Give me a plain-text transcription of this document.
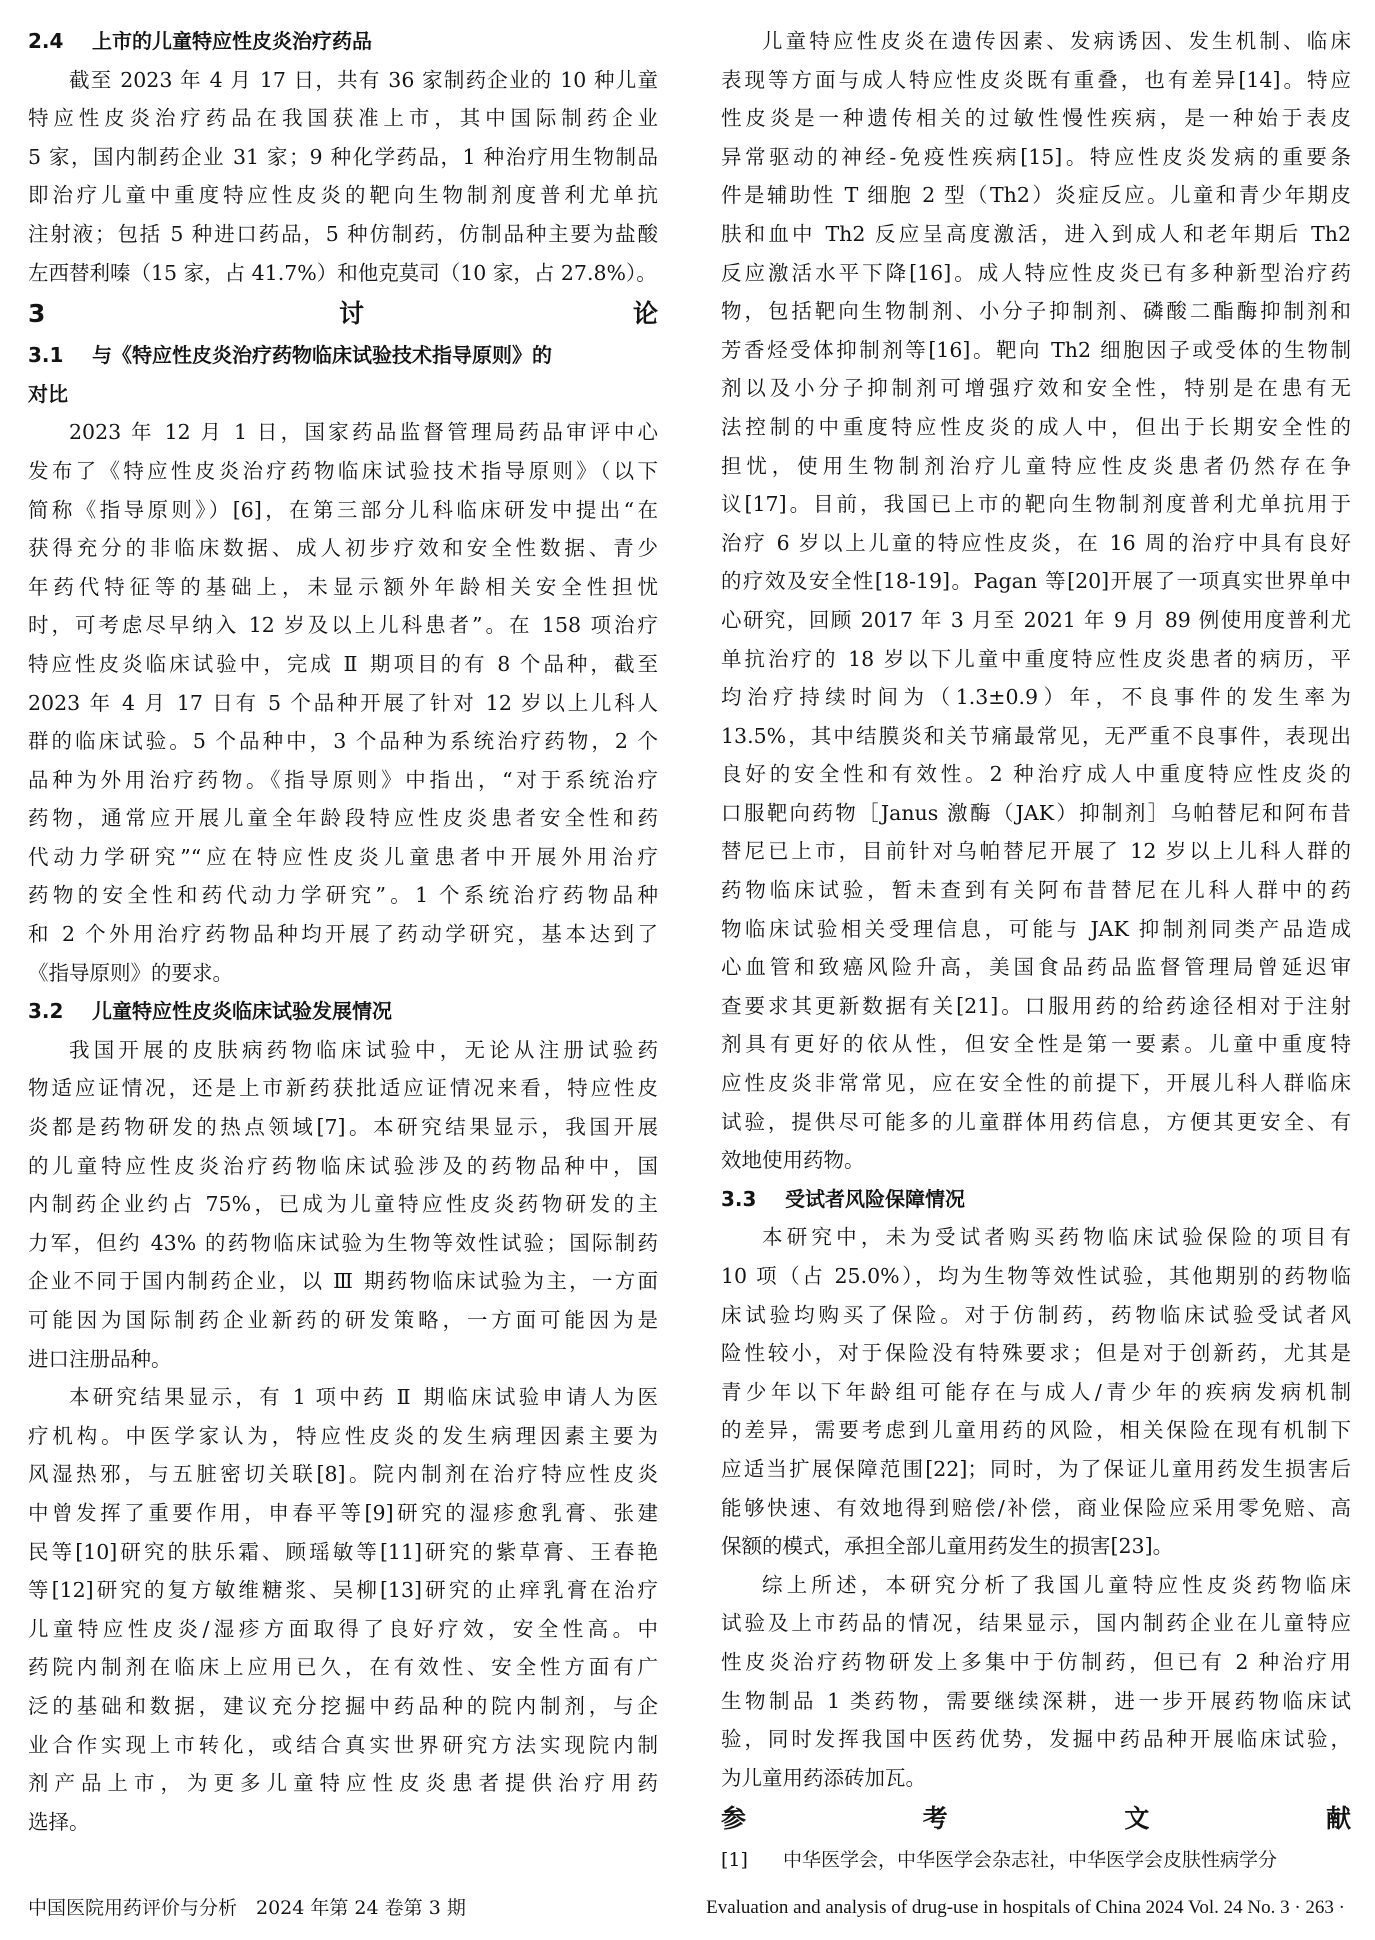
2.4 上市的儿童特应性皮炎治疗药品
截至 2023 年 4 月 17 日，共有 36 家制药企业的 10 种儿童
特应性皮炎治疗药品在我国获准上市，其中国际制药企业
5 家，国内制药企业 31 家；9 种化学药品，1 种治疗用生物制品
即治疗儿童中重度特应性皮炎的靶向生物制剂度普利尤单抗
注射液；包括 5 种进口药品，5 种仿制药，仿制品种主要为盐酸
左西替利嗪（15 家，占 41.7%）和他克莫司（10 家，占 27.8%）。
3 讨论
3.1 与《特应性皮炎治疗药物临床试验技术指导原则》的
对比
2023 年 12 月 1 日，国家药品监督管理局药品审评中心
发布了《特应性皮炎治疗药物临床试验技术指导原则》（以下
简称《指导原则》）[6]，在第三部分儿科临床研发中提出“在
获得充分的非临床数据、成人初步疗效和安全性数据、青少
年药代特征等的基础上，未显示额外年龄相关安全性担忧
时，可考虑尽早纳入 12 岁及以上儿科患者”。在 158 项治疗
特应性皮炎临床试验中，完成 Ⅱ 期项目的有 8 个品种，截至
2023 年 4 月 17 日有 5 个品种开展了针对 12 岁以上儿科人
群的临床试验。5 个品种中，3 个品种为系统治疗药物，2 个
品种为外用治疗药物。《指导原则》中指出，“对于系统治疗
药物，通常应开展儿童全年龄段特应性皮炎患者安全性和药
代动力学研究”“应在特应性皮炎儿童患者中开展外用治疗
药物的安全性和药代动力学研究”。1 个系统治疗药物品种
和 2 个外用治疗药物品种均开展了药动学研究，基本达到了
《指导原则》的要求。
3.2 儿童特应性皮炎临床试验发展情况
我国开展的皮肤病药物临床试验中，无论从注册试验药
物适应证情况，还是上市新药获批适应证情况来看，特应性皮
炎都是药物研发的热点领域[7]。本研究结果显示，我国开展
的儿童特应性皮炎治疗药物临床试验涉及的药物品种中，国
内制药企业约占 75%，已成为儿童特应性皮炎药物研发的主
力军，但约 43% 的药物临床试验为生物等效性试验；国际制药
企业不同于国内制药企业，以 Ⅲ 期药物临床试验为主，一方面
可能因为国际制药企业新药的研发策略，一方面可能因为是
进口注册品种。
本研究结果显示，有 1 项中药 Ⅱ 期临床试验申请人为医
疗机构。中医学家认为，特应性皮炎的发生病理因素主要为
风湿热邪，与五脏密切关联[8]。院内制剂在治疗特应性皮炎
中曾发挥了重要作用，申春平等[9]研究的湿疹愈乳膏、张建
民等[10]研究的肤乐霜、顾瑶敏等[11]研究的紫草膏、王春艳
等[12]研究的复方敏维糖浆、吴柳[13]研究的止痒乳膏在治疗
儿童特应性皮炎/湿疹方面取得了良好疗效，安全性高。中
药院内制剂在临床上应用已久，在有效性、安全性方面有广
泛的基础和数据，建议充分挖掘中药品种的院内制剂，与企
业合作实现上市转化，或结合真实世界研究方法实现院内制
剂产品上市，为更多儿童特应性皮炎患者提供治疗用药
选择。
儿童特应性皮炎在遗传因素、发病诱因、发生机制、临床
表现等方面与成人特应性皮炎既有重叠，也有差异[14]。特应
性皮炎是一种遗传相关的过敏性慢性疾病，是一种始于表皮
异常驱动的神经-免疫性疾病[15]。特应性皮炎发病的重要条
件是辅助性 T 细胞 2 型（Th2）炎症反应。儿童和青少年期皮
肤和血中 Th2 反应呈高度激活，进入到成人和老年期后 Th2
反应激活水平下降[16]。成人特应性皮炎已有多种新型治疗药
物，包括靶向生物制剂、小分子抑制剂、磷酸二酯酶抑制剂和
芳香烃受体抑制剂等[16]。靶向 Th2 细胞因子或受体的生物制
剂以及小分子抑制剂可增强疗效和安全性，特别是在患有无
法控制的中重度特应性皮炎的成人中，但出于长期安全性的
担忧，使用生物制剂治疗儿童特应性皮炎患者仍然存在争
议[17]。目前，我国已上市的靶向生物制剂度普利尤单抗用于
治疗 6 岁以上儿童的特应性皮炎，在 16 周的治疗中具有良好
的疗效及安全性[18-19]。Pagan 等[20]开展了一项真实世界单中
心研究，回顾 2017 年 3 月至 2021 年 9 月 89 例使用度普利尤
单抗治疗的 18 岁以下儿童中重度特应性皮炎患者的病历，平
均治疗持续时间为（1.3±0.9）年，不良事件的发生率为
13.5%，其中结膜炎和关节痛最常见，无严重不良事件，表现出
良好的安全性和有效性。2 种治疗成人中重度特应性皮炎的
口服靶向药物［Janus 激酶（JAK）抑制剂］乌帕替尼和阿布昔
替尼已上市，目前针对乌帕替尼开展了 12 岁以上儿科人群的
药物临床试验，暂未查到有关阿布昔替尼在儿科人群中的药
物临床试验相关受理信息，可能与 JAK 抑制剂同类产品造成
心血管和致癌风险升高，美国食品药品监督管理局曾延迟审
查要求其更新数据有关[21]。口服用药的给药途径相对于注射
剂具有更好的依从性，但安全性是第一要素。儿童中重度特
应性皮炎非常常见，应在安全性的前提下，开展儿科人群临床
试验，提供尽可能多的儿童群体用药信息，方便其更安全、有
效地使用药物。
3.3 受试者风险保障情况
本研究中，未为受试者购买药物临床试验保险的项目有
10 项（占 25.0%），均为生物等效性试验，其他期别的药物临
床试验均购买了保险。对于仿制药，药物临床试验受试者风
险性较小，对于保险没有特殊要求；但是对于创新药，尤其是
青少年以下年龄组可能存在与成人/青少年的疾病发病机制
的差异，需要考虑到儿童用药的风险，相关保险在现有机制下
应适当扩展保障范围[22]；同时，为了保证儿童用药发生损害后
能够快速、有效地得到赔偿/补偿，商业保险应采用零免赔、高
保额的模式，承担全部儿童用药发生的损害[23]。
综上所述，本研究分析了我国儿童特应性皮炎药物临床
试验及上市药品的情况，结果显示，国内制药企业在儿童特应
性皮炎治疗药物研发上多集中于仿制药，但已有 2 种治疗用
生物制品 1 类药物，需要继续深耕，进一步开展药物临床试
验，同时发挥我国中医药优势，发掘中药品种开展临床试验，
为儿童用药添砖加瓦。
参考文献
[1] 中华医学会，中华医学会杂志社，中华医学会皮肤性病学分
中国医院用药评价与分析　2024 年第 24 卷第 3 期	Evaluation and analysis of drug-use in hospitals of China 2024 Vol. 24 No. 3 · 263 ·
